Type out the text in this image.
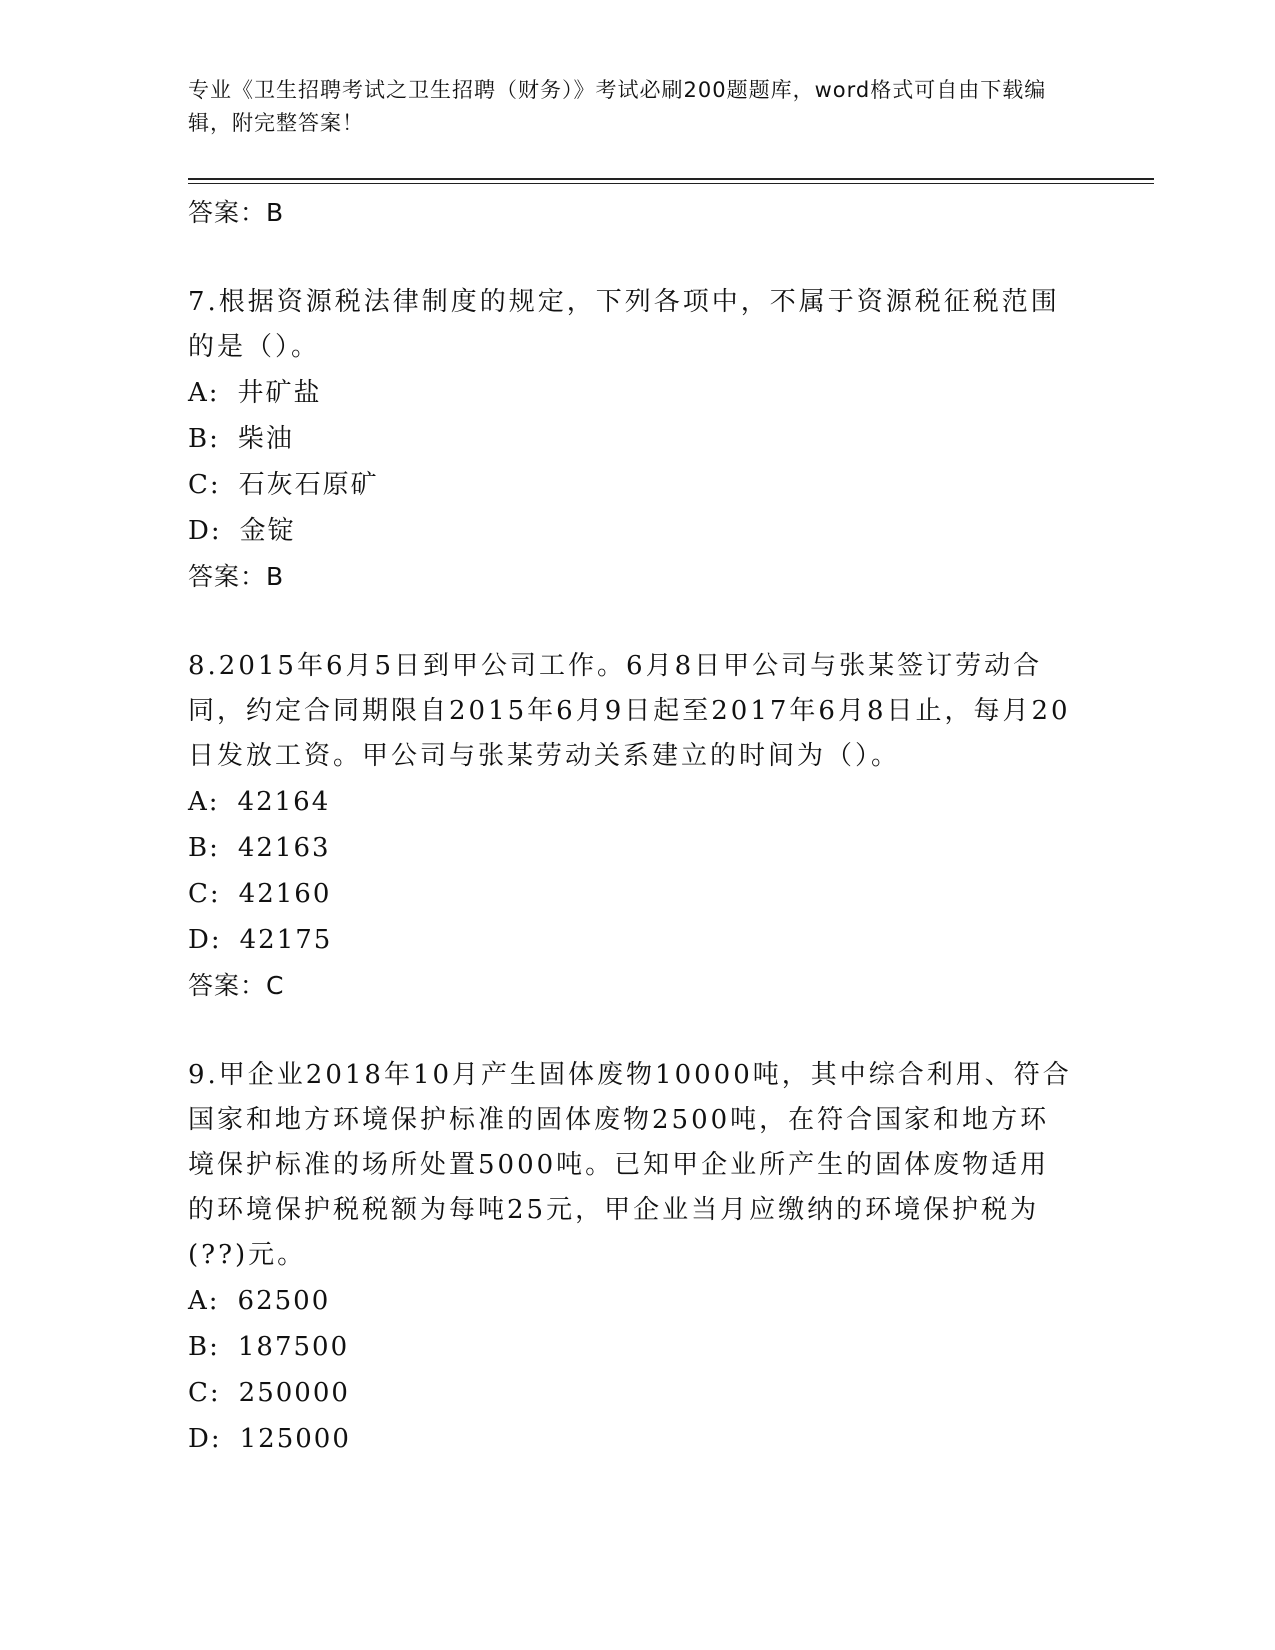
专业《卫生招聘考试之卫生招聘（财务）》考试必刷200题题库，word格式可自由下载编辑，附完整答案！
答案：B
7.根据资源税法律制度的规定，下列各项中，不属于资源税征税范围的是（）。
A: 井矿盐
B: 柴油
C: 石灰石原矿
D: 金锭
答案：B
8.2015年6月5日到甲公司工作。6月8日甲公司与张某签订劳动合同，约定合同期限自2015年6月9日起至2017年6月8日止，每月20日发放工资。甲公司与张某劳动关系建立的时间为（）。
A: 42164
B: 42163
C: 42160
D: 42175
答案：C
9.甲企业2018年10月产生固体废物10000吨，其中综合利用、符合国家和地方环境保护标准的固体废物2500吨，在符合国家和地方环境保护标准的场所处置5000吨。已知甲企业所产生的固体废物适用的环境保护税税额为每吨25元，甲企业当月应缴纳的环境保护税为(??)元。
A: 62500
B: 187500
C: 250000
D: 125000
